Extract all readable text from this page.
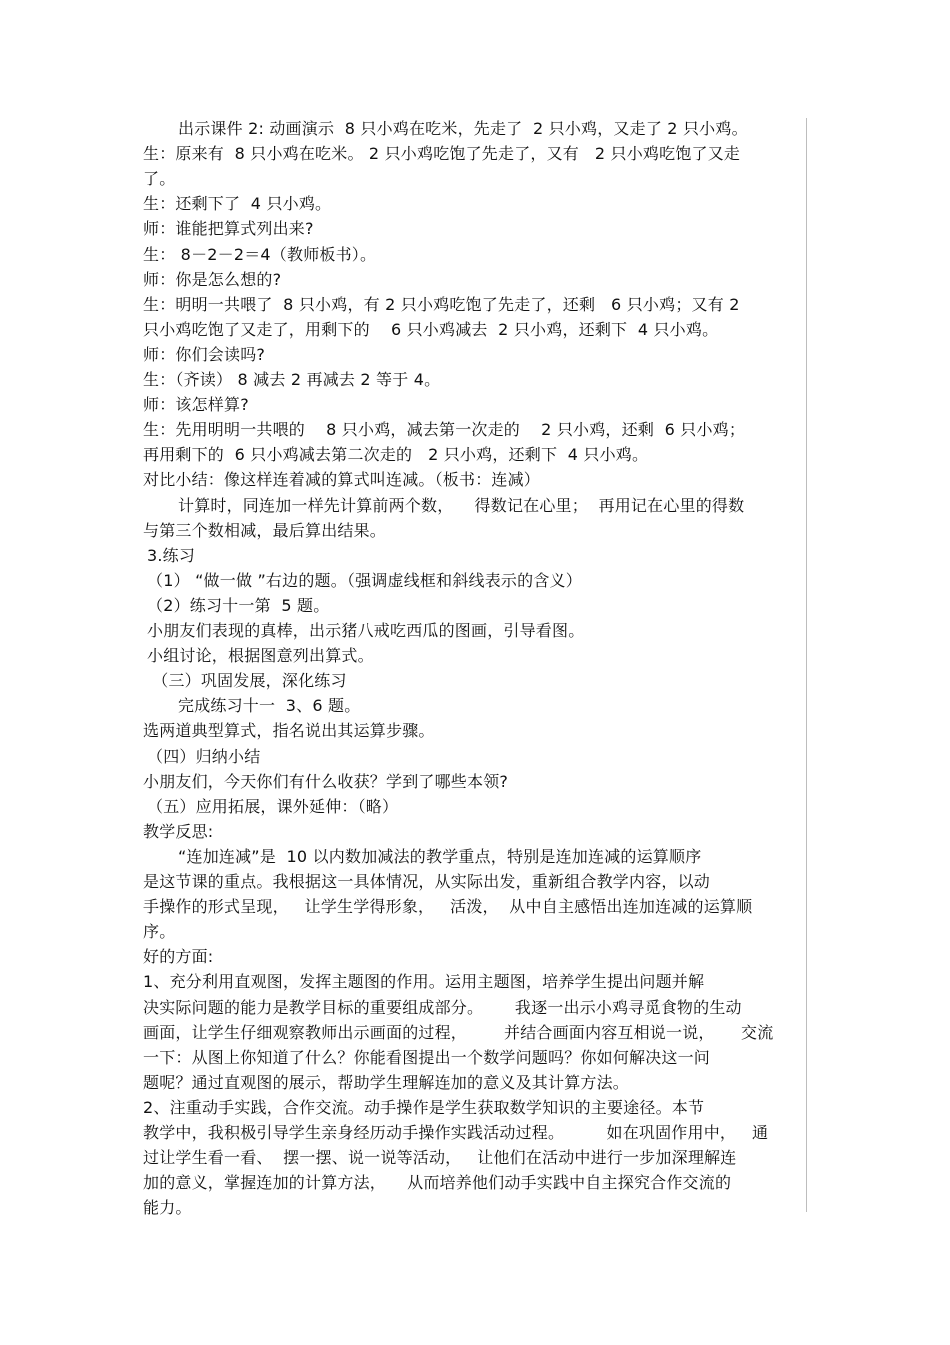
出示课件 2: 动画演示  8 只小鸡在吃米，先走了  2 只小鸡，又走了 2 只小鸡。
生：原来有  8 只小鸡在吃米。 2 只小鸡吃饱了先走了，又有   2 只小鸡吃饱了又走
了。
生：还剩下了  4 只小鸡。
师：谁能把算式列出来?
生： 8－2－2＝4（教师板书）。
师：你是怎么想的?
生：明明一共喂了  8 只小鸡，有 2 只小鸡吃饱了先走了，还剩   6 只小鸡；又有 2
只小鸡吃饱了又走了，用剩下的    6 只小鸡减去  2 只小鸡，还剩下  4 只小鸡。
师：你们会读吗?
生：（齐读） 8 减去 2 再减去 2 等于 4。
师：该怎样算?
生：先用明明一共喂的    8 只小鸡，减去第一次走的    2 只小鸡，还剩  6 只小鸡；
再用剩下的  6 只小鸡减去第二次走的   2 只小鸡，还剩下  4 只小鸡。
对比小结：像这样连着减的算式叫连减。（板书：连减）
计算时，同连加一样先计算前两个数，    得数记在心里；  再用记在心里的得数
与第三个数相减，最后算出结果。
3.练习
（1） “做一做 ”右边的题。（强调虚线框和斜线表示的含义）
（2）练习十一第  5 题。
小朋友们表现的真棒，出示猪八戒吃西瓜的图画，引导看图。
小组讨论，根据图意列出算式。
（三）巩固发展，深化练习
完成练习十一  3、6 题。
选两道典型算式，指名说出其运算步骤。
（四）归纳小结
小朋友们，今天你们有什么收获？学到了哪些本领?
（五）应用拓展，课外延伸：（略）
教学反思:
“连加连减”是  10 以内数加减法的教学重点，特别是连加连减的运算顺序
是这节课的重点。我根据这一具体情况，从实际出发，重新组合教学内容，以动
手操作的形式呈现，   让学生学得形象，   活泼，  从中自主感悟出连加连减的运算顺
序。
好的方面:
1、充分利用直观图，发挥主题图的作用。运用主题图，培养学生提出问题并解
决实际问题的能力是教学目标的重要组成部分。      我逐一出示小鸡寻觅食物的生动
画面，让学生仔细观察教师出示画面的过程，       并结合画面内容互相说一说，     交流
一下：从图上你知道了什么？你能看图提出一个数学问题吗？你如何解决这一问
题呢？通过直观图的展示，帮助学生理解连加的意义及其计算方法。
2、注重动手实践，合作交流。动手操作是学生获取数学知识的主要途径。本节
教学中，我积极引导学生亲身经历动手操作实践活动过程。        如在巩固作用中，   通
过让学生看一看、  摆一摆、说一说等活动，   让他们在活动中进行一步加深理解连
加的意义，掌握连加的计算方法，    从而培养他们动手实践中自主探究合作交流的
能力。
